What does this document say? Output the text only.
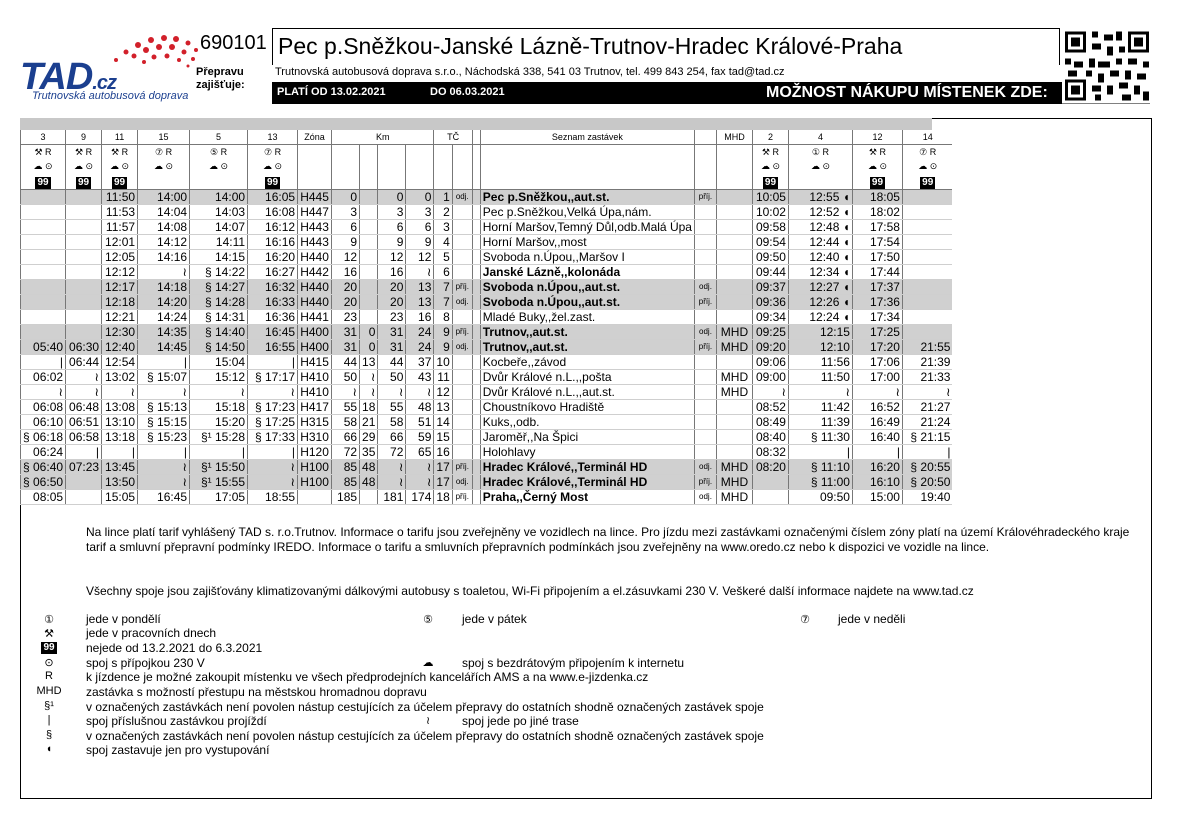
TAD.cz
Trutnovská autobusová doprava
690101 Pec p.Sněžkou-Janské Lázně-Trutnov-Hradec Králové-Praha
Přepravu
zajišťuje:
Trutnovská autobusová doprava s.r.o., Náchodská 338, 541 03 Trutnov, tel. 499 843 254, fax tad@tad.cz
PLATÍ OD 13.02.2021	DO 06.03.2021	MOŽNOST NÁKUPU MÍSTENEK ZDE:
3	9	11	15	5	13	Zóna	Km				TČ			Seznam zastávek		MHD	2	4	12	14
⚒ R	⚒ R	⚒ R	⑦ R	⑤ R	⑦ R												⚒ R	① R	⚒ R	⑦ R
☁ ⊙	☁ ⊙	☁ ⊙	☁ ⊙	☁ ⊙	☁ ⊙												☁ ⊙	☁ ⊙	☁ ⊙	☁ ⊙
99	99	99			99												99		99	99
		11:50	14:00	14:00	16:05	H445	0		0	0	1	odj.		Pec p.Sněžkou,,aut.st.	příj.		10:05	12:55 ◖	18:05	
		11:53	14:04	14:03	16:08	H447	3		3	3	2			Pec p.Sněžkou,Velká Úpa,nám.			10:02	12:52 ◖	18:02	
		11:57	14:08	14:07	16:12	H443	6		6	6	3			Horní Maršov,Temný Důl,odb.Malá Úpa			09:58	12:48 ◖	17:58	
		12:01	14:12	14:11	16:16	H443	9		9	9	4			Horní Maršov,,most			09:54	12:44 ◖	17:54	
		12:05	14:16	14:15	16:20	H440	12		12	12	5			Svoboda n.Úpou,,Maršov I			09:50	12:40 ◖	17:50	
		12:12	≀	§ 14:22	16:27	H442	16		16	≀	6			Janské Lázně,,kolonáda			09:44	12:34 ◖	17:44	
		12:17	14:18	§ 14:27	16:32	H440	20		20	13	7	příj.		Svoboda n.Úpou,,aut.st.	odj.		09:37	12:27 ◖	17:37	
		12:18	14:20	§ 14:28	16:33	H440	20		20	13	7	odj.		Svoboda n.Úpou,,aut.st.	příj.		09:36	12:26 ◖	17:36	
		12:21	14:24	§ 14:31	16:36	H441	23		23	16	8			Mladé Buky,,žel.zast.			09:34	12:24 ◖	17:34	
		12:30	14:35	§ 14:40	16:45	H400	31	0	31	24	9	příj.		Trutnov,,aut.st.	odj.	MHD	09:25	12:15	17:25	
05:40	06:30	12:40	14:45	§ 14:50	16:55	H400	31	0	31	24	9	odj.		Trutnov,,aut.st.	příj.	MHD	09:20	12:10	17:20	21:55
|	06:44	12:54	|	15:04	|	H415	44	13	44	37	10			Kocbeře,,závod			09:06	11:56	17:06	21:39
06:02	≀	13:02	§ 15:07	15:12	§ 17:17	H410	50	≀	50	43	11			Dvůr Králové n.L.,,pošta		MHD	09:00	11:50	17:00	21:33
≀	≀	≀	≀	≀	≀	H410	≀	≀	≀	≀	12			Dvůr Králové n.L.,,aut.st.		MHD	≀	≀	≀	≀
06:08	06:48	13:08	§ 15:13	15:18	§ 17:23	H417	55	18	55	48	13			Choustníkovo Hradiště			08:52	11:42	16:52	21:27
06:10	06:51	13:10	§ 15:15	15:20	§ 17:25	H315	58	21	58	51	14			Kuks,,odb.			08:49	11:39	16:49	21:24
§ 06:18	06:58	13:18	§ 15:23	§¹ 15:28	§ 17:33	H310	66	29	66	59	15			Jaroměř,,Na Špici			08:40	§ 11:30	16:40	§ 21:15
06:24	|	|	|	|	|	H120	72	35	72	65	16			Holohlavy			08:32	|	|	|
§ 06:40	07:23	13:45	≀	§¹ 15:50	≀	H100	85	48	≀	≀	17	příj.		Hradec Králové,,Terminál HD	odj.	MHD	08:20	§ 11:10	16:20	§ 20:55
§ 06:50		13:50	≀	§¹ 15:55	≀	H100	85	48	≀	≀	17	odj.		Hradec Králové,,Terminál HD	příj.	MHD		§ 11:00	16:10	§ 20:50
08:05		15:05	16:45	17:05	18:55		185		181	174	18	příj.		Praha,,Černý Most	odj.	MHD		09:50	15:00	19:40
Na lince platí tarif vyhlášený TAD s. r.o.Trutnov. Informace o tarifu jsou zveřejněny ve vozidlech na lince. Pro jízdu mezi zastávkami označenými číslem zóny platí na území Královéhradeckého kraje tarif a smluvní přepravní podmínky IREDO. Informace o tarifu a smluvních přepravních podmínkách jsou zveřejněny na www.oredo.cz nebo k dispozici ve vozidle na lince.
Všechny spoje jsou zajišťovány klimatizovanými dálkovými autobusy s toaletou, Wi-Fi připojením a el.zásuvkami 230 V. Veškeré další informace najdete na www.tad.cz
①	jede v pondělí	⑤	jede v pátek	⑦	jede v neděli
⚒	jede v pracovních dnech
99	nejede od 13.2.2021 do 6.3.2021
⊙	spoj s přípojkou 230 V	☁	spoj s bezdrátovým připojením k internetu
R	k jízdence je možné zakoupit místenku ve všech předprodejních kancelářích AMS a na www.e-jizdenka.cz
MHD zastávka s možností přestupu na městskou hromadnou dopravu
§¹	v označených zastávkách není povolen nástup cestujících za účelem přepravy do ostatních shodně označených zastávek spoje
|	spoj příslušnou zastávkou projíždí	≀	spoj jede po jiné trase
§	v označených zastávkách není povolen nástup cestujících za účelem přepravy do ostatních shodně označených zastávek spoje
◖	spoj zastavuje jen pro vystupování
